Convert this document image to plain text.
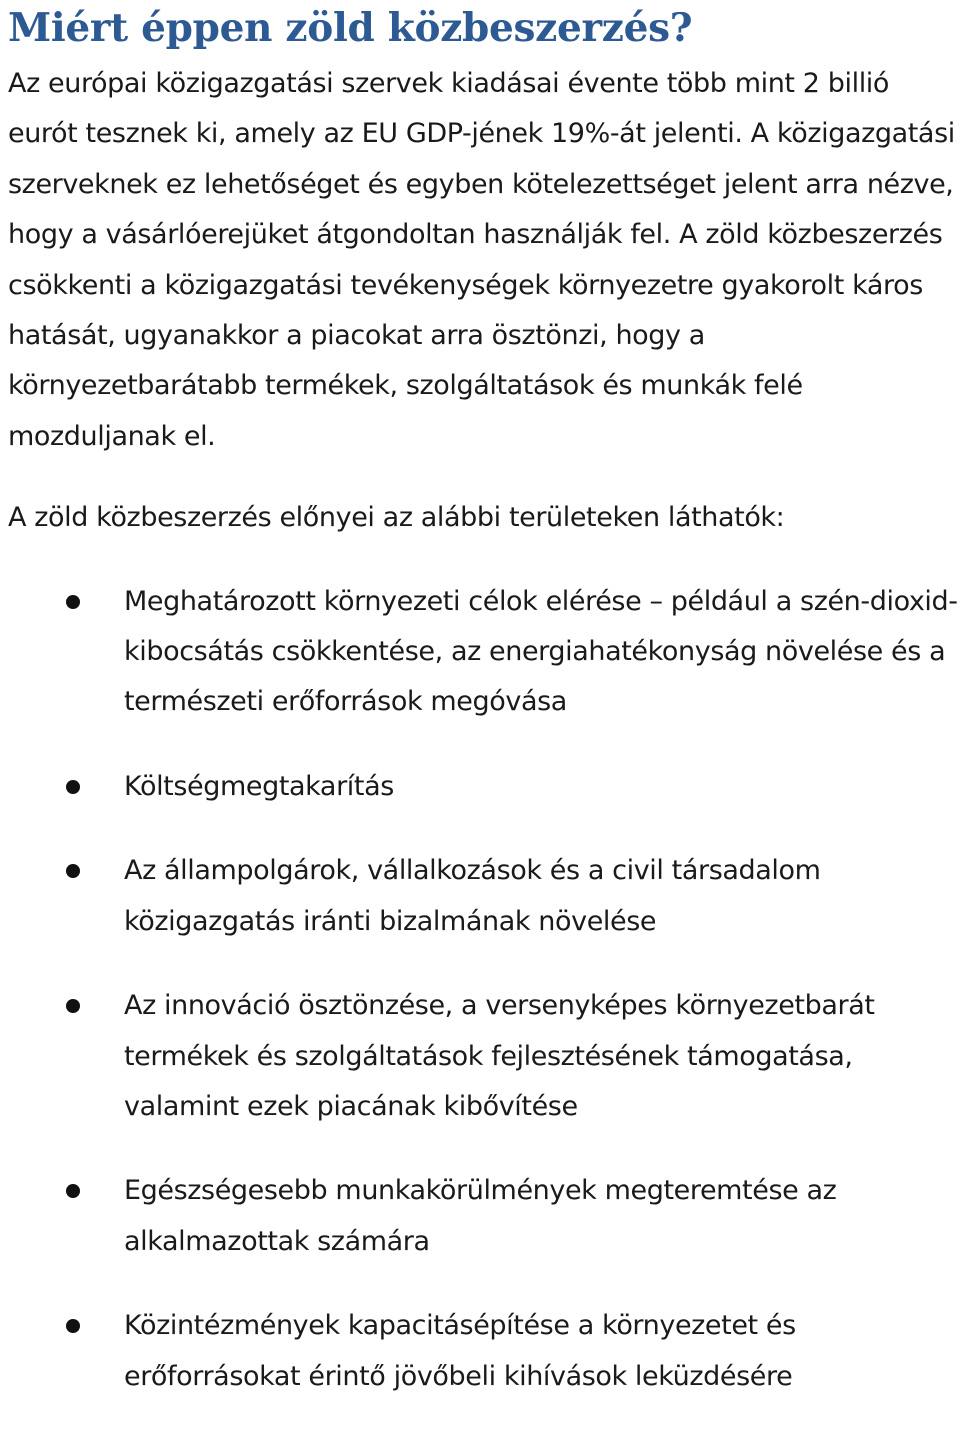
Miért éppen zöld közbeszerzés?

Az európai közigazgatási szervek kiadásai évente több mint 2 billió eurót tesznek ki, amely az EU GDP-jének 19%-át jelenti. A közigazgatási szerveknek ez lehetőséget és egyben kötelezettséget jelent arra nézve, hogy a vásárlóerejüket átgondoltan használják fel. A zöld közbeszerzés csökkenti a közigazgatási tevékenységek környezetre gyakorolt káros hatását, ugyanakkor a piacokat arra ösztönzi, hogy a környezetbarátabb termékek, szolgáltatások és munkák felé mozduljanak el.

A zöld közbeszerzés előnyei az alábbi területeken láthatók:

Meghatározott környezeti célok elérése – például a szén-dioxid-kibocsátás csökkentése, az energiahatékonyság növelése és a természeti erőforrások megóvása
Költségmegtakarítás
Az állampolgárok, vállalkozások és a civil társadalom közigazgatás iránti bizalmának növelése
Az innováció ösztönzése, a versenyképes környezetbarát termékek és szolgáltatások fejlesztésének támogatása, valamint ezek piacának kibővítése
Egészségesebb munkakörülmények megteremtése az alkalmazottak számára
Közintézmények kapacitásépítése a környezetet és erőforrásokat érintő jövőbeli kihívások leküzdésére
